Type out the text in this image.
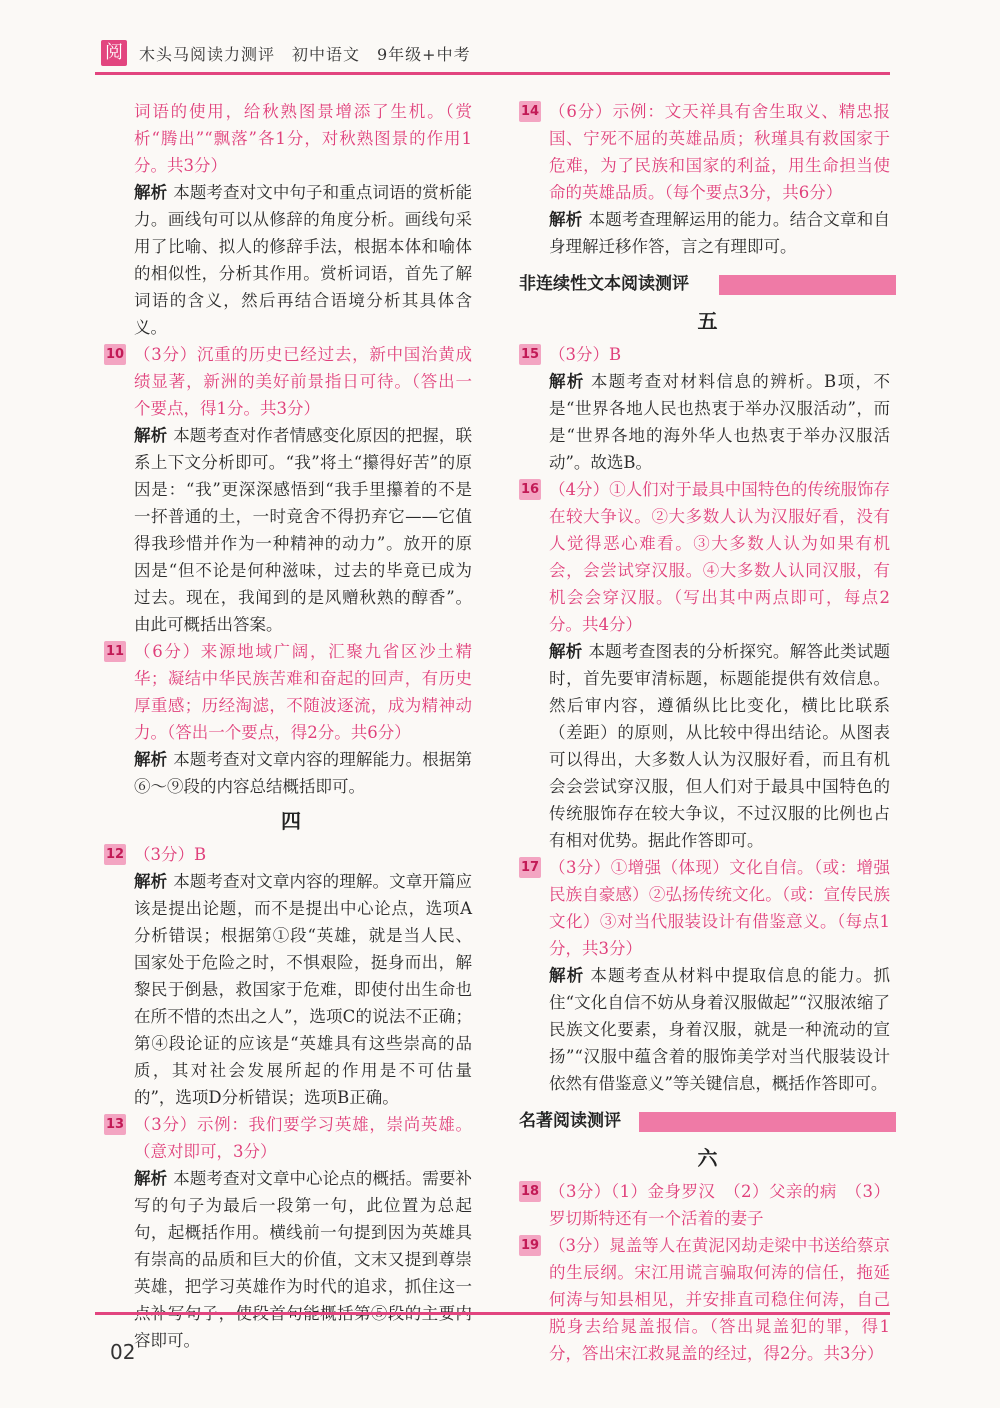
阅 木头马阅读力测评　初中语文　9年级+中考

词语的使用，给秋熟图景增添了生机。（赏析“腾出”“飘落”各1分，对秋熟图景的作用1分。共3分）

解析 本题考查对文中句子和重点词语的赏析能力。画线句可以从修辞的角度分析。画线句采用了比喻、拟人的修辞手法，根据本体和喻体的相似性，分析其作用。赏析词语，首先了解词语的含义，然后再结合语境分析其具体含义。

10 （3分）沉重的历史已经过去，新中国治黄成绩显著，新洲的美好前景指日可待。（答出一个要点，得1分。共3分）

解析 本题考查对作者情感变化原因的把握，联系上下文分析即可。“我”将土“攥得好苦”的原因是：“我”更深深感悟到“我手里攥着的不是一抔普通的土，一时竟舍不得扔弃它——它值得我珍惜并作为一种精神的动力”。放开的原因是“但不论是何种滋味，过去的毕竟已成为过去。现在，我闻到的是风赠秋熟的醇香”。由此可概括出答案。

11 （6分）来源地域广阔，汇聚九省区沙土精华；凝结中华民族苦难和奋起的回声，有历史厚重感；历经淘滤，不随波逐流，成为精神动力。（答出一个要点，得2分。共6分）

解析 本题考查对文章内容的理解能力。根据第⑥～⑨段的内容总结概括即可。

四
12 （3分）B

解析 本题考查对文章内容的理解。文章开篇应该是提出论题，而不是提出中心论点，选项A分析错误；根据第①段“英雄，就是当人民、国家处于危险之时，不惧艰险，挺身而出，解黎民于倒悬，救国家于危难，即使付出生命也在所不惜的杰出之人”，选项C的说法不正确；第④段论证的应该是“英雄具有这些崇高的品质，其对社会发展所起的作用是不可估量的”，选项D分析错误；选项B正确。

13 （3分）示例：我们要学习英雄，崇尚英雄。（意对即可，3分）

解析 本题考查对文章中心论点的概括。需要补写的句子为最后一段第一句，此位置为总起句，起概括作用。横线前一句提到因为英雄具有崇高的品质和巨大的价值，文末又提到尊崇英雄，把学习英雄作为时代的追求，抓住这一 容即可。

14 （6分）示例：文天祥具有舍生取义、精忠报国、宁死不屈的英雄品质；秋瑾具有救国家于危难，为了民族和国家的利益，用生命担当使命的英雄品质。（每个要点3分，共6分）

解析 本题考查理解运用的能力。结合文章和自身理解迁移作答，言之有理即可。

非连续性文本阅读测评
五
15 （3分）B

解析 本题考查对材料信息的辨析。B项，不是“世界各地人民也热衷于举办汉服活动”，而是“世界各地的海外华人也热衷于举办汉服活动”。故选B。

16 （4分）①人们对于最具中国特色的传统服饰存在较大争议。②大多数人认为汉服好看，没有人觉得恶心难看。③大多数人认为如果有机会，会尝试穿汉服。④大多数人认同汉服，有机会会穿汉服。（写出其中两点即可，每点2分。共4分）

解析 本题考查图表的分析探究。解答此类试题时，首先要审清标题，标题能提供有效信息。然后审内容，遵循纵比比变化，横比比联系（差距）的原则，从比较中得出结论。从图表可以得出，大多数人认为汉服好看，而且有机会会尝试穿汉服，但人们对于最具中国特色的传统服饰存在较大争议，不过汉服的比例也占有相对优势。据此作答即可。

17 （3分）①增强（体现）文化自信。（或：增强民族自豪感）②弘扬传统文化。（或：宣传民族文化）③对当代服装设计有借鉴意义。（每点1分，共3分）

解析 本题考查从材料中提取信息的能力。抓住“文化自信不妨从身着汉服做起”“汉服浓缩了民族文化要素，身着汉服，就是一种流动的宣扬”“汉服中蕴含着的服饰美学对当代服装设计依然有借鉴意义”等关键信息，概括作答即可。

名著阅读测评
六
18 （3分）（1）金身罗汉　（2）父亲的病　（3）罗切斯特还有一个活着的妻子
19 （3分）晁盖等人在黄泥冈劫走梁中书送给蔡京的生辰纲。宋江用谎言骗取何涛的信任，拖延何涛与知县相见，并安排直司稳住何涛，自己脱身去给晁盖报信。（答出晁盖犯的罪，得1分，答出宋江救晁盖的经过，得2分。共3分）
02
